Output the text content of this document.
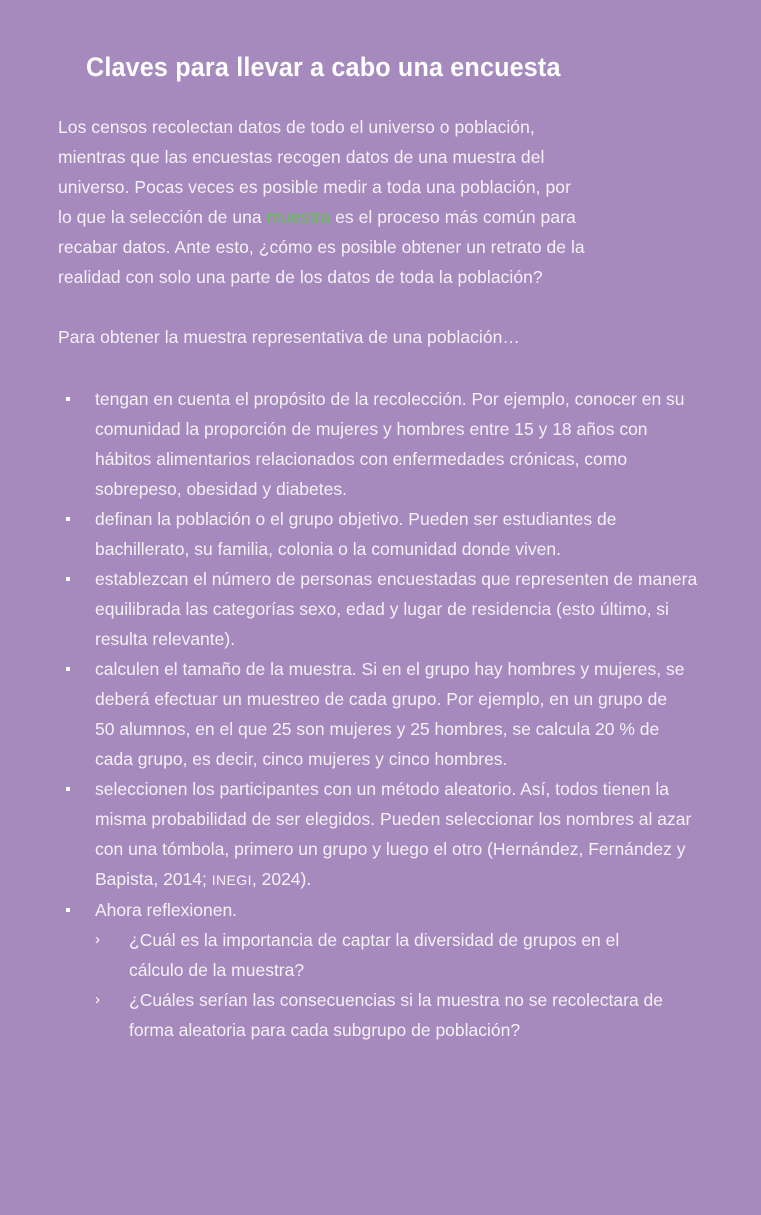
Claves para llevar a cabo una encuesta

Los censos recolectan datos de todo el universo o población, mientras que las encuestas recogen datos de una muestra del universo. Pocas veces es posible medir a toda una población, por lo que la selección de una muestra es el proceso más común para recabar datos. Ante esto, ¿cómo es posible obtener un retrato de la realidad con solo una parte de los datos de toda la población?

Para obtener la muestra representativa de una población…

tengan en cuenta el propósito de la recolección. Por ejemplo, conocer en su comunidad la proporción de mujeres y hombres entre 15 y 18 años con hábitos alimentarios relacionados con enfermedades crónicas, como sobrepeso, obesidad y diabetes.
definan la población o el grupo objetivo. Pueden ser estudiantes de bachillerato, su familia, colonia o la comunidad donde viven.
establezcan el número de personas encuestadas que representen de manera equilibrada las categorías sexo, edad y lugar de residencia (esto último, si resulta relevante).
calculen el tamaño de la muestra. Si en el grupo hay hombres y mujeres, se deberá efectuar un muestreo de cada grupo. Por ejemplo, en un grupo de 50 alumnos, en el que 25 son mujeres y 25 hombres, se calcula 20 % de cada grupo, es decir, cinco mujeres y cinco hombres.
seleccionen los participantes con un método aleatorio. Así, todos tienen la misma probabilidad de ser elegidos. Pueden seleccionar los nombres al azar con una tómbola, primero un grupo y luego el otro (Hernández, Fernández y Bapista, 2014; INEGI, 2024).
Ahora reflexionen.
› ¿Cuál es la importancia de captar la diversidad de grupos en el cálculo de la muestra?
› ¿Cuáles serían las consecuencias si la muestra no se recolectara de forma aleatoria para cada subgrupo de población?
